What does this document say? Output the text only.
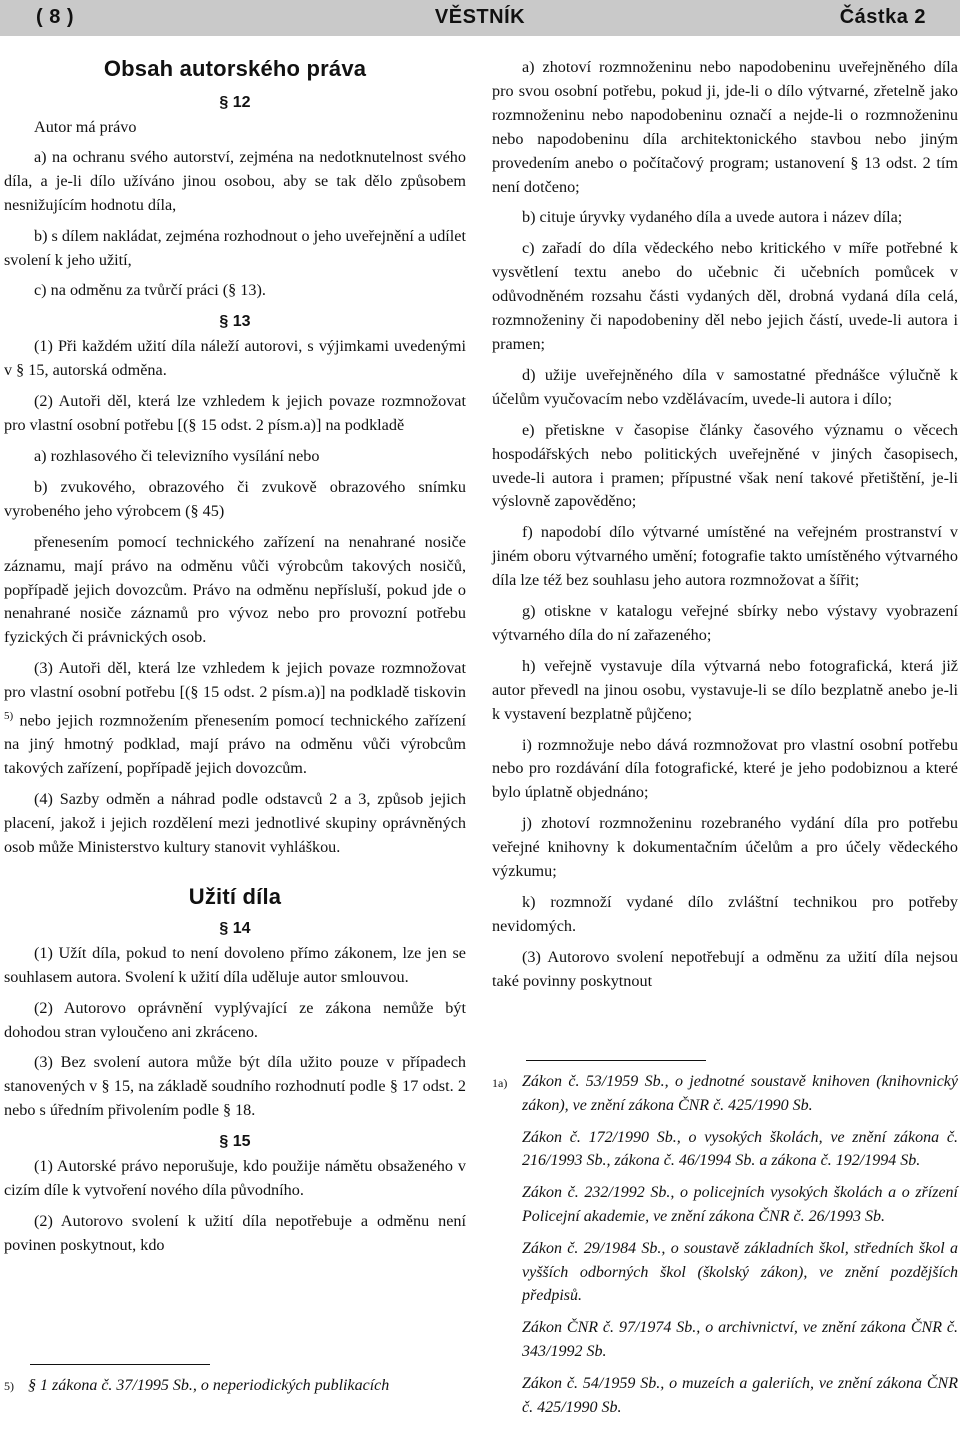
( 8 )	VĚSTNÍK	Částka 2
Obsah autorského práva
§ 12

Autor má právo

a) na ochranu svého autorství, zejména na nedotknutelnost svého díla, a je-li dílo užíváno jinou osobou, aby se tak dělo způsobem nesnižujícím hodnotu díla,

b) s dílem nakládat, zejména rozhodnout o jeho uveřejnění a udílet svolení k jeho užití,

c) na odměnu za tvůrčí práci (§ 13).

§ 13

(1) Při každém užití díla náleží autorovi, s výjimkami uvedenými v § 15, autorská odměna.

(2) Autoři děl, která lze vzhledem k jejich povaze rozmnožovat pro vlastní osobní potřebu [(§ 15 odst. 2 písm.a)] na podkladě

a) rozhlasového či televizního vysílání nebo

b) zvukového, obrazového či zvukově obrazového snímku vyrobeného jeho výrobcem (§ 45)

přenesením pomocí technického zařízení na nenahrané nosiče záznamu, mají právo na odměnu vůči výrobcům takových nosičů, popřípadě jejich dovozcům. Právo na odměnu nepřísluší, pokud jde o nenahrané nosiče záznamů pro vývoz nebo pro provozní potřebu fyzických či právnických osob.

(3) Autoři děl, která lze vzhledem k jejich povaze rozmnožovat pro vlastní osobní potřebu [(§ 15 odst. 2 písm.a)] na podkladě tiskovin $^{5)}$ nebo jejich rozmnožením přenesením pomocí technického zařízení na jiný hmotný podklad, mají právo na odměnu vůči výrobcům takových zařízení, popřípadě jejich dovozcům.

(4) Sazby odměn a náhrad podle odstavců 2 a 3, způsob jejich placení, jakož i jejich rozdělení mezi jednotlivé skupiny oprávněných osob může Ministerstvo kultury stanovit vyhláškou.

Užití díla
§ 14

(1) Užít díla, pokud to není dovoleno přímo zákonem, lze jen se souhlasem autora. Svolení k užití díla uděluje autor smlouvou.

(2) Autorovo oprávnění vyplývající ze zákona nemůže být dohodou stran vyloučeno ani zkráceno.

(3) Bez svolení autora může být díla užito pouze v případech stanovených v § 15, na základě soudního rozhodnutí podle § 17 odst. 2 nebo s úředním přivolením podle § 18.

§ 15

(1) Autorské právo neporušuje, kdo použije námětu obsaženého v cizím díle k vytvoření nového díla původního.

(2) Autorovo svolení k užití díla nepotřebuje a odměnu není povinen poskytnout, kdo

5) § 1 zákona č. 37/1995 Sb., o neperiodických publikacích

a) zhotoví rozmnoženinu nebo napodobeninu uveřejněného díla pro svou osobní potřebu, pokud ji, jde-li o dílo výtvarné, zřetelně jako rozmnoženinu nebo napodobeninu označí a nejde-li o rozmnoženinu nebo napodobeninu díla architektonického stavbou nebo jiným provedením anebo o počítačový program; ustanovení § 13 odst. 2 tím není dotčeno;

b) cituje úryvky vydaného díla a uvede autora i název díla;

c) zařadí do díla vědeckého nebo kritického v míře potřebné k vysvětlení textu anebo do učebnic či učebních pomůcek v odůvodněném rozsahu části vydaných děl, drobná vydaná díla celá, rozmnoženiny či napodobeniny děl nebo jejich částí, uvede-li autora i pramen;

d) užije uveřejněného díla v samostatné přednášce výlučně k účelům vyučovacím nebo vzdělávacím, uvede-li autora i dílo;

e) přetiskne v časopise články časového významu o věcech hospodářských nebo politických uveřejněné v jiných časopisech, uvede-li autora i pramen; přípustné však není takové přetištění, je-li výslovně zapověděno;

f) napodobí dílo výtvarné umístěné na veřejném prostranství v jiném oboru výtvarného umění; fotografie takto umístěného výtvarného díla lze též bez souhlasu jeho autora rozmnožovat a šířit;

g) otiskne v katalogu veřejné sbírky nebo výstavy vyobrazení výtvarného díla do ní zařazeného;

h) veřejně vystavuje díla výtvarná nebo fotografická, která již autor převedl na jinou osobu, vystavuje-li se dílo bezplatně anebo je-li k vystavení bezplatně půjčeno;

i) rozmnožuje nebo dává rozmnožovat pro vlastní osobní potřebu nebo pro rozdávání díla fotografické, které je jeho podobiznou a které bylo úplatně objednáno;

j) zhotoví rozmnoženinu rozebraného vydání díla pro potřebu veřejné knihovny k dokumentačním účelům a pro účely vědeckého výzkumu;

k) rozmnoží vydané dílo zvláštní technikou pro potřeby nevidomých.

(3) Autorovo svolení nepotřebují a odměnu za užití díla nejsou také povinny poskytnout

1a) Zákon č. 53/1959 Sb., o jednotné soustavě knihoven (knihovnický zákon), ve znění zákona ČNR č. 425/1990 Sb.

Zákon č. 172/1990 Sb., o vysokých školách, ve znění zákona č. 216/1993 Sb., zákona č. 46/1994 Sb. a zákona č. 192/1994 Sb.

Zákon č. 232/1992 Sb., o policejních vysokých školách a o zřízení Policejní akademie, ve znění zákona ČNR č. 26/1993 Sb.

Zákon č. 29/1984 Sb., o soustavě základních škol, středních škol a vyšších odborných škol (školský zákon), ve znění pozdějších předpisů.

Zákon ČNR č. 97/1974 Sb., o archivnictví, ve znění zákona ČNR č. 343/1992 Sb.

Zákon č. 54/1959 Sb., o muzeích a galeriích, ve znění zákona ČNR č. 425/1990 Sb.
